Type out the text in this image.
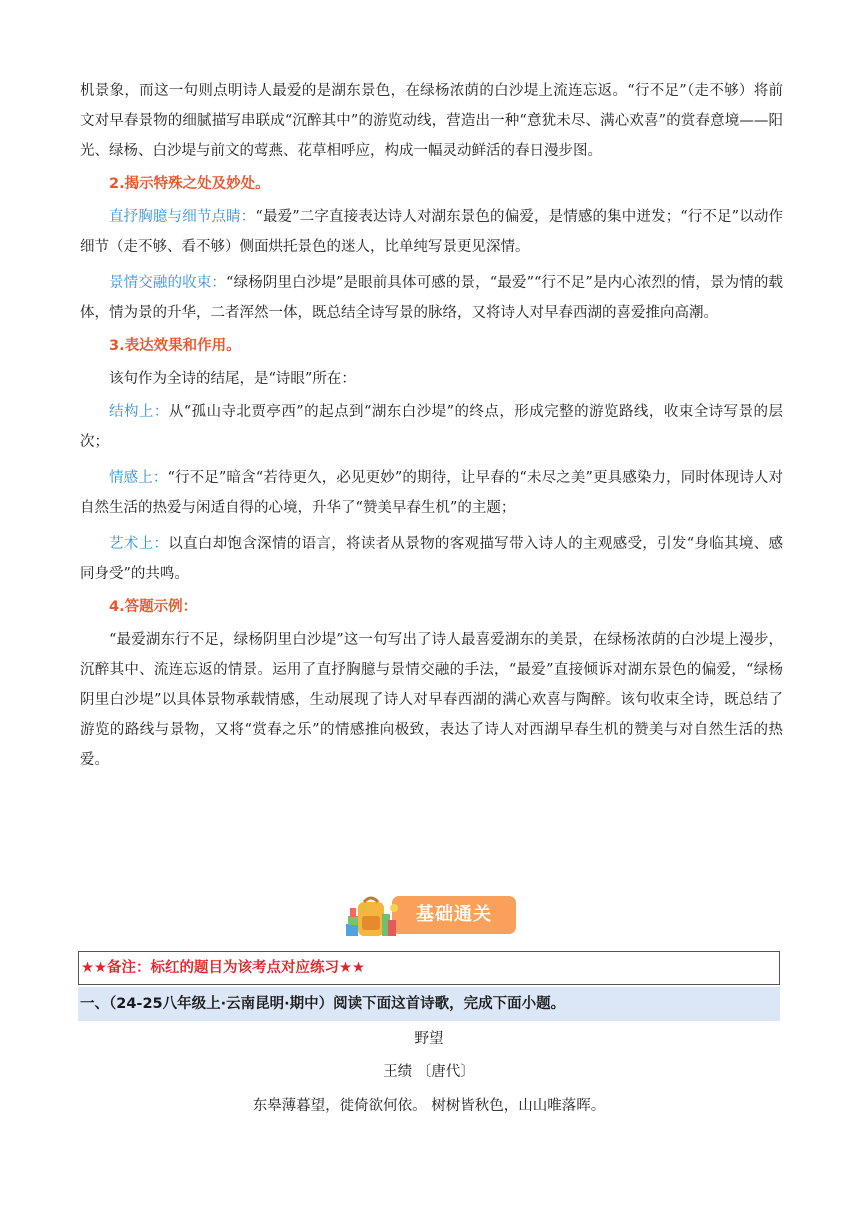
机景象，而这一句则点明诗人最爱的是湖东景色，在绿杨浓荫的白沙堤上流连忘返。“行不足”（走不够）将前文对早春景物的细腻描写串联成“沉醉其中”的游览动线，营造出一种“意犹未尽、满心欢喜”的赏春意境——阳光、绿杨、白沙堤与前文的莺燕、花草相呼应，构成一幅灵动鲜活的春日漫步图。

2.揭示特殊之处及妙处。

直抒胸臆与细节点睛：“最爱”二字直接表达诗人对湖东景色的偏爱，是情感的集中迸发；“行不足”以动作细节（走不够、看不够）侧面烘托景色的迷人，比单纯写景更见深情。

景情交融的收束：“绿杨阴里白沙堤”是眼前具体可感的景，“最爱”“行不足”是内心浓烈的情，景为情的载体，情为景的升华，二者浑然一体，既总结全诗写景的脉络，又将诗人对早春西湖的喜爱推向高潮。

3.表达效果和作用。

该句作为全诗的结尾，是“诗眼”所在：

结构上：从“孤山寺北贾亭西”的起点到“湖东白沙堤”的终点，形成完整的游览路线，收束全诗写景的层次；

情感上：“行不足”暗含“若待更久，必见更妙”的期待，让早春的“未尽之美”更具感染力，同时体现诗人对自然生活的热爱与闲适自得的心境，升华了“赞美早春生机”的主题；

艺术上：以直白却饱含深情的语言，将读者从景物的客观描写带入诗人的主观感受，引发“身临其境、感同身受”的共鸣。

4.答题示例：

“最爱湖东行不足，绿杨阴里白沙堤”这一句写出了诗人最喜爱湖东的美景，在绿杨浓荫的白沙堤上漫步，沉醉其中、流连忘返的情景。运用了直抒胸臆与景情交融的手法，“最爱”直接倾诉对湖东景色的偏爱，“绿杨阴里白沙堤”以具体景物承载情感，生动展现了诗人对早春西湖的满心欢喜与陶醉。该句收束全诗，既总结了游览的路线与景物，又将“赏春之乐”的情感推向极致，表达了诗人对西湖早春生机的赞美与对自然生活的热爱。

基础通关
★★备注：标红的题目为该考点对应练习★★
一、（24-25八年级上·云南昆明·期中）阅读下面这首诗歌，完成下面小题。
野望
王绩 〔唐代〕
东皋薄暮望，徙倚欲何依。 树树皆秋色，山山唯落晖。
